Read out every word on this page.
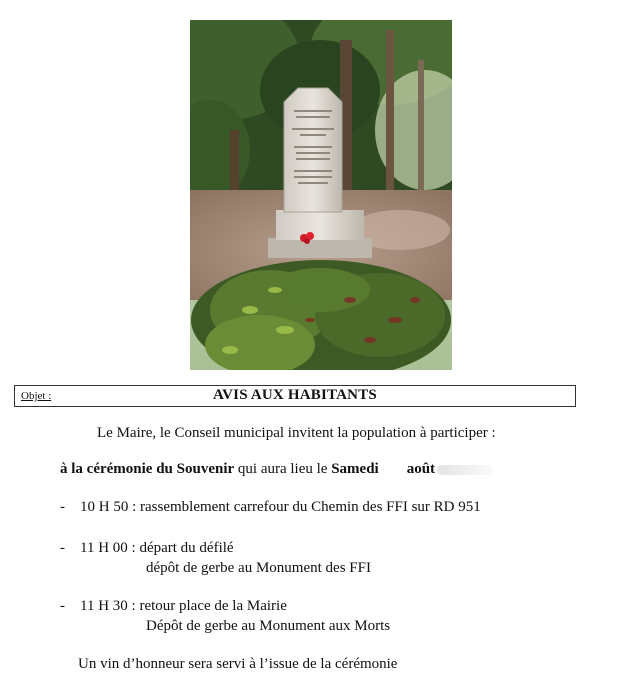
Objet :	AVIS AUX HABITANTS
Le Maire, le Conseil municipal invitent la population à participer :
à la cérémonie du Souvenir qui aura lieu le Samedi août
- 10 H 50 : rassemblement carrefour du Chemin des FFI sur RD 951
- 11 H 00 : départ du défilé
dépôt de gerbe au Monument des FFI
- 11 H 30 : retour place de la Mairie
Dépôt de gerbe au Monument aux Morts
Un vin d’honneur sera servi à l’issue de la cérémonie
